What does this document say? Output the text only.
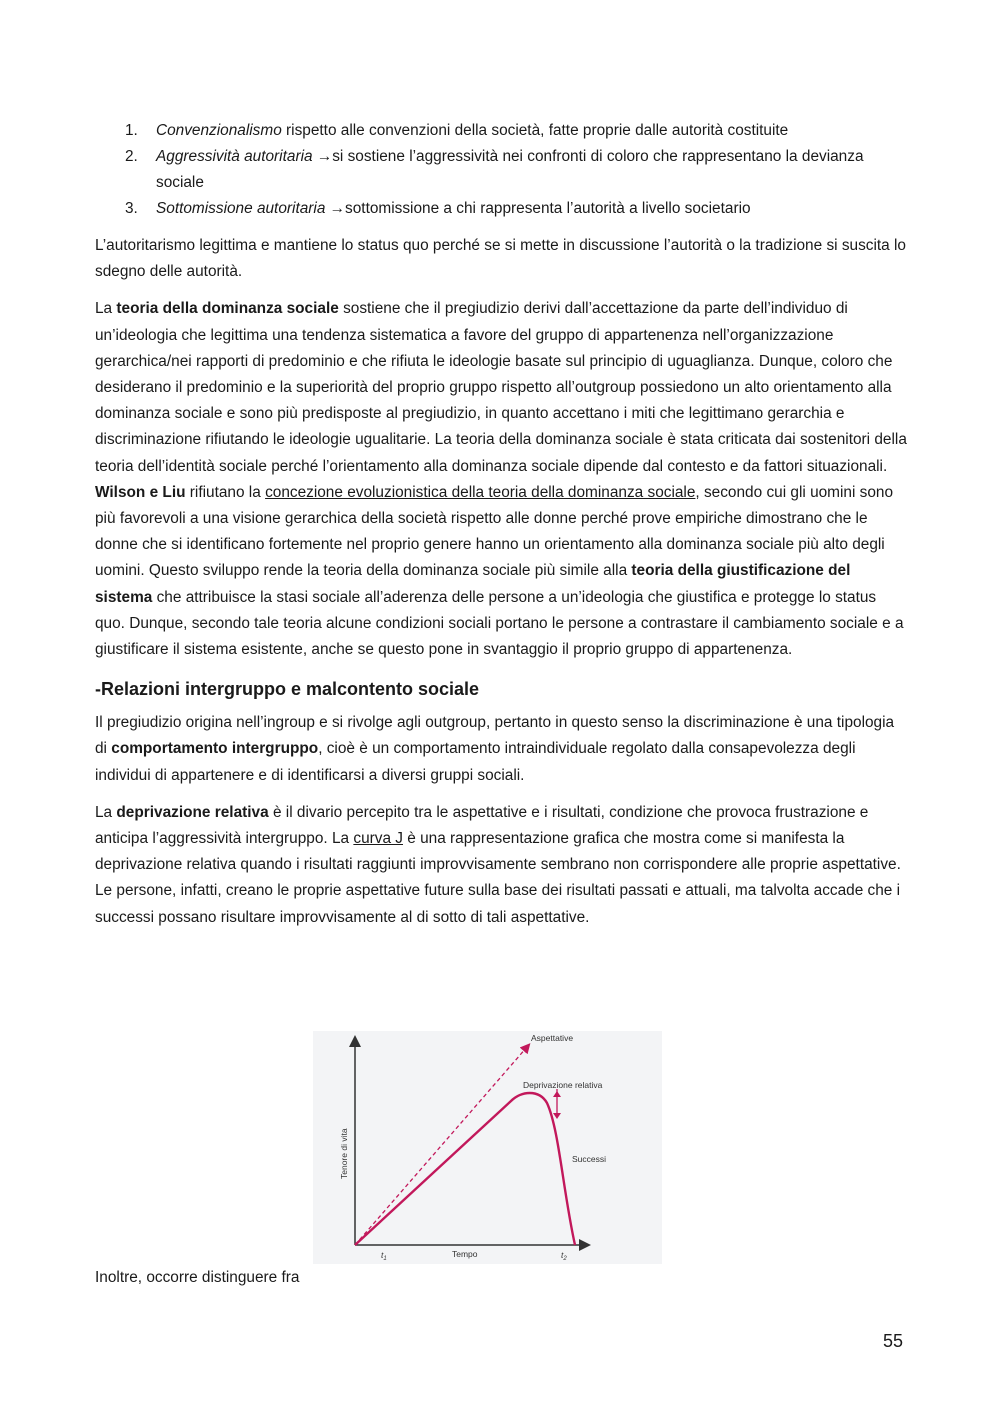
1. Convenzionalismo rispetto alle convenzioni della società, fatte proprie dalle autorità costituite
2. Aggressività autoritaria →si sostiene l’aggressività nei confronti di coloro che rappresentano la devianza sociale
3. Sottomissione autoritaria →sottomissione a chi rappresenta l’autorità a livello societario

L’autoritarismo legittima e mantiene lo status quo perché se si mette in discussione l’autorità o la tradizione si suscita lo sdegno delle autorità.

La teoria della dominanza sociale sostiene che il pregiudizio derivi dall’accettazione da parte dell’individuo di un’ideologia che legittima una tendenza sistematica a favore del gruppo di appartenenza nell’organizzazione gerarchica/nei rapporti di predominio e che rifiuta le ideologie basate sul principio di uguaglianza. Dunque, coloro che desiderano il predominio e la superiorità del proprio gruppo rispetto all’outgroup possiedono un alto orientamento alla dominanza sociale e sono più predisposte al pregiudizio, in quanto accettano i miti che legittimano gerarchia e discriminazione rifiutando le ideologie ugualitarie. La teoria della dominanza sociale è stata criticata dai sostenitori della teoria dell’identità sociale perché l’orientamento alla dominanza sociale dipende dal contesto e da fattori situazionali. Wilson e Liu rifiutano la concezione evoluzionistica della teoria della dominanza sociale, secondo cui gli uomini sono più favorevoli a una visione gerarchica della società rispetto alle donne perché prove empiriche dimostrano che le donne che si identificano fortemente nel proprio genere hanno un orientamento alla dominanza sociale più alto degli uomini. Questo sviluppo rende la teoria della dominanza sociale più simile alla teoria della giustificazione del sistema che attribuisce la stasi sociale all’aderenza delle persone a un’ideologia che giustifica e protegge lo status quo. Dunque, secondo tale teoria alcune condizioni sociali portano le persone a contrastare il cambiamento sociale e a giustificare il sistema esistente, anche se questo pone in svantaggio il proprio gruppo di appartenenza.

-Relazioni intergruppo e malcontento sociale

Il pregiudizio origina nell’ingroup e si rivolge agli outgroup, pertanto in questo senso la discriminazione è una tipologia di comportamento intergruppo, cioè è un comportamento intraindividuale regolato dalla consapevolezza degli individui di appartenere e di identificarsi a diversi gruppi sociali.

La deprivazione relativa è il divario percepito tra le aspettative e i risultati, condizione che provoca frustrazione e anticipa l’aggressività intergruppo. La curva J è una rappresentazione grafica che mostra come si manifesta la deprivazione relativa quando i risultati raggiunti improvvisamente sembrano non corrispondere alle proprie aspettative. Le persone, infatti, creano le proprie aspettative future sulla base dei risultati passati e attuali, ma talvolta accade che i successi possano risultare improvvisamente al di sotto di tali aspettative.

Aspettative
Deprivazione relativa
Successi
Tenore di vita
Tempo
$t_1$	$t_2$
Inoltre, occorre distinguere fra
55
